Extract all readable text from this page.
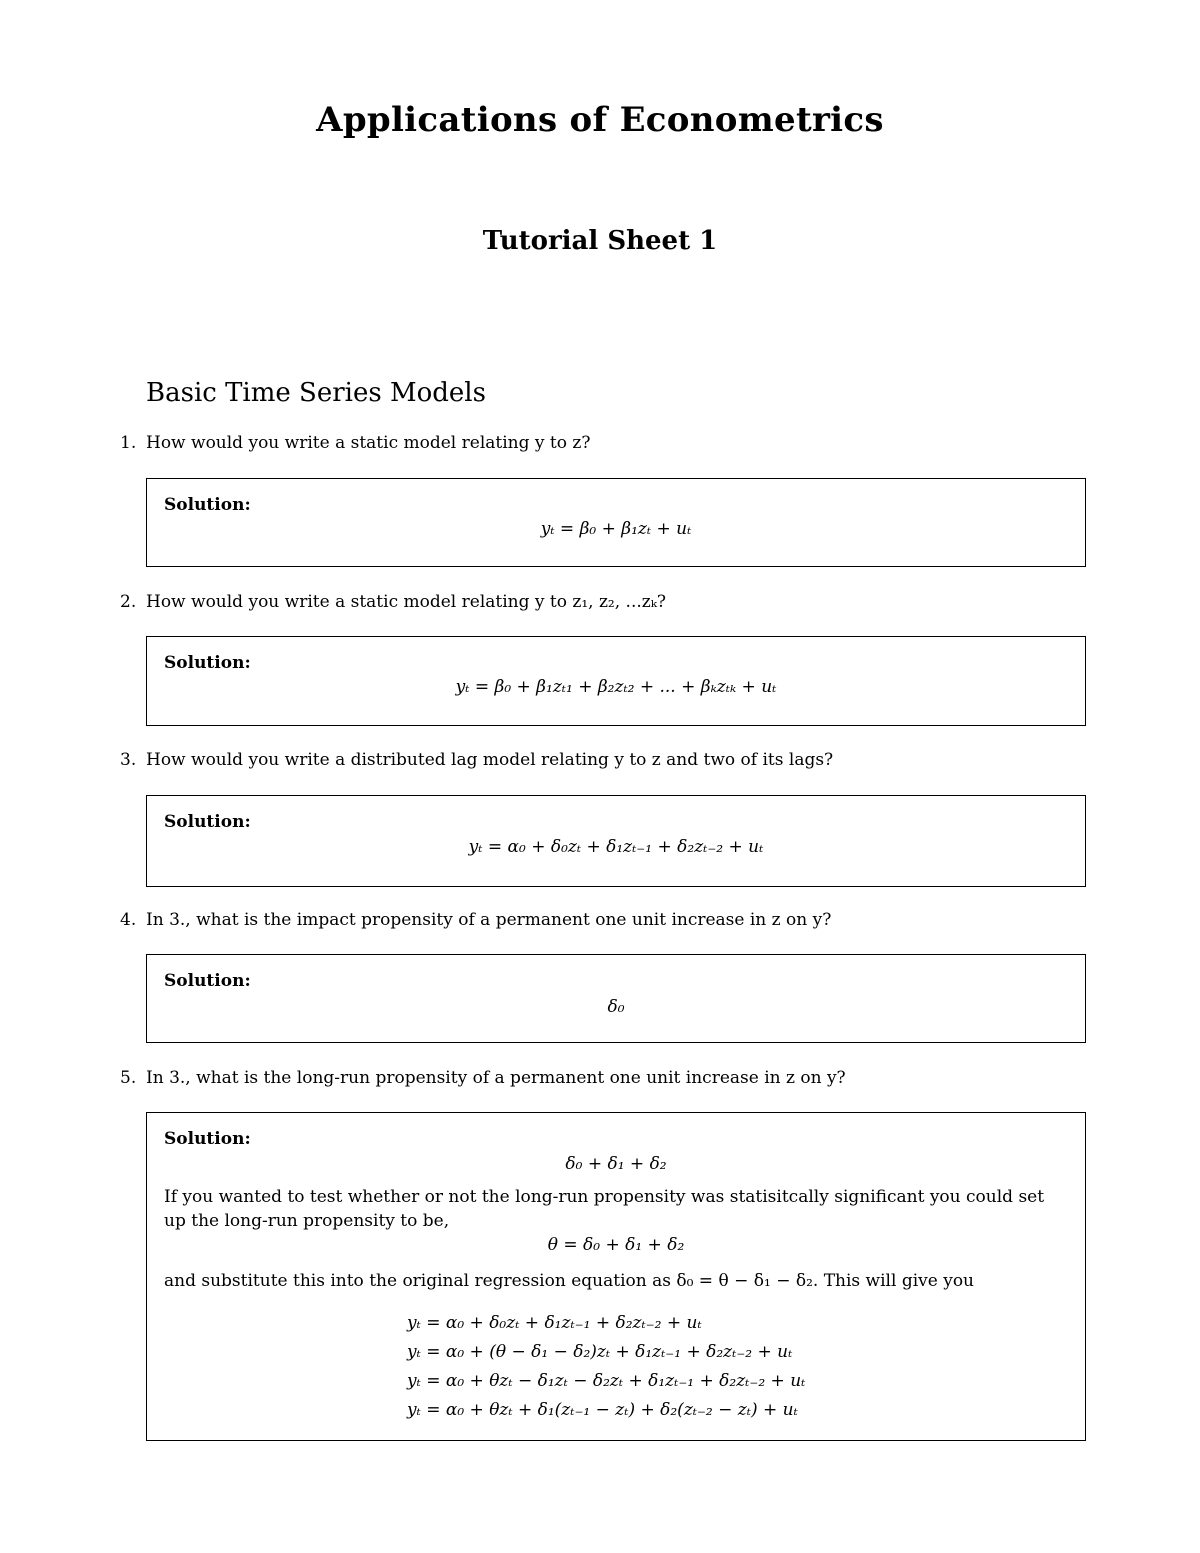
Applications of Econometrics
Tutorial Sheet 1
Basic Time Series Models
1. How would you write a static model relating y to z?
Solution:
yₜ = β₀ + β₁zₜ + uₜ
2. How would you write a static model relating y to z₁, z₂, ...zₖ?
Solution:
yₜ = β₀ + β₁zₜ₁ + β₂zₜ₂ + ... + βₖzₜₖ + uₜ
3. How would you write a distributed lag model relating y to z and two of its lags?
Solution:
yₜ = α₀ + δ₀zₜ + δ₁zₜ₋₁ + δ₂zₜ₋₂ + uₜ
4. In 3., what is the impact propensity of a permanent one unit increase in z on y?
Solution:
δ₀
5. In 3., what is the long-run propensity of a permanent one unit increase in z on y?
Solution:
δ₀ + δ₁ + δ₂
If you wanted to test whether or not the long-run propensity was statisitcally significant you could set up the long-run propensity to be,
θ = δ₀ + δ₁ + δ₂
and substitute this into the original regression equation as δ₀ = θ − δ₁ − δ₂. This will give you
yₜ = α₀ + δ₀zₜ + δ₁zₜ₋₁ + δ₂zₜ₋₂ + uₜ
yₜ = α₀ + (θ − δ₁ − δ₂)zₜ + δ₁zₜ₋₁ + δ₂zₜ₋₂ + uₜ
yₜ = α₀ + θzₜ − δ₁zₜ − δ₂zₜ + δ₁zₜ₋₁ + δ₂zₜ₋₂ + uₜ
yₜ = α₀ + θzₜ + δ₁(zₜ₋₁ − zₜ) + δ₂(zₜ₋₂ − zₜ) + uₜ
